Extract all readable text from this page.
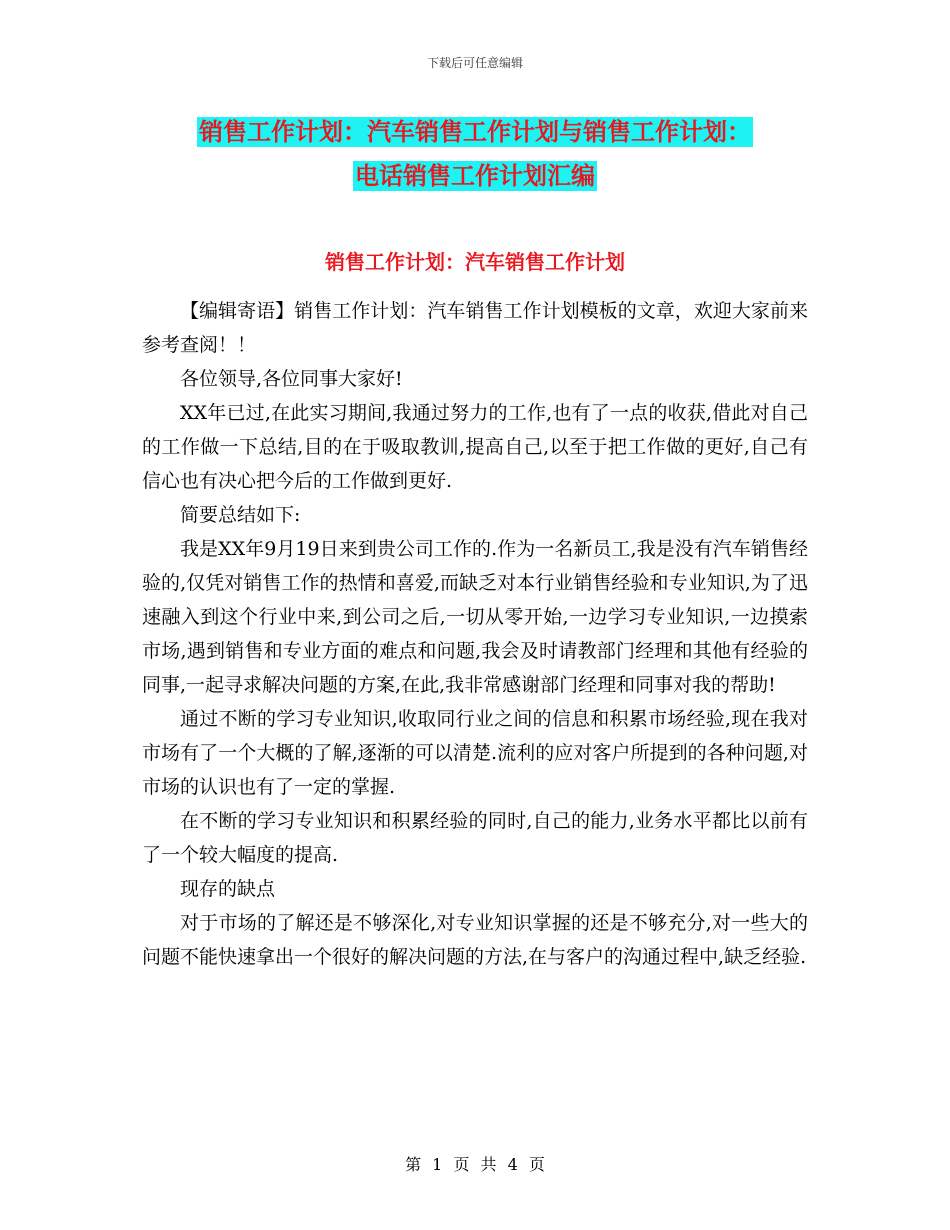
下载后可任意编辑
销售工作计划：汽车销售工作计划与销售工作计划：
电话销售工作计划汇编
销售工作计划：汽车销售工作计划

【编辑寄语】销售工作计划：汽车销售工作计划模板的文章，欢迎大家前来参考查阅！！

各位领导,各位同事大家好!

XX年已过,在此实习期间,我通过努力的工作,也有了一点的收获,借此对自己的工作做一下总结,目的在于吸取教训,提高自己,以至于把工作做的更好,自己有信心也有决心把今后的工作做到更好.

简要总结如下:

我是XX年9月19日来到贵公司工作的.作为一名新员工,我是没有汽车销售经验的,仅凭对销售工作的热情和喜爱,而缺乏对本行业销售经验和专业知识,为了迅速融入到这个行业中来,到公司之后,一切从零开始,一边学习专业知识,一边摸索市场,遇到销售和专业方面的难点和问题,我会及时请教部门经理和其他有经验的同事,一起寻求解决问题的方案,在此,我非常感谢部门经理和同事对我的帮助!

通过不断的学习专业知识,收取同行业之间的信息和积累市场经验,现在我对市场有了一个大概的了解,逐渐的可以清楚.流利的应对客户所提到的各种问题,对市场的认识也有了一定的掌握.

在不断的学习专业知识和积累经验的同时,自己的能力,业务水平都比以前有了一个较大幅度的提高.

现存的缺点

对于市场的了解还是不够深化,对专业知识掌握的还是不够充分,对一些大的问题不能快速拿出一个很好的解决问题的方法,在与客户的沟通过程中,缺乏经验.

第 1 页 共 4 页
